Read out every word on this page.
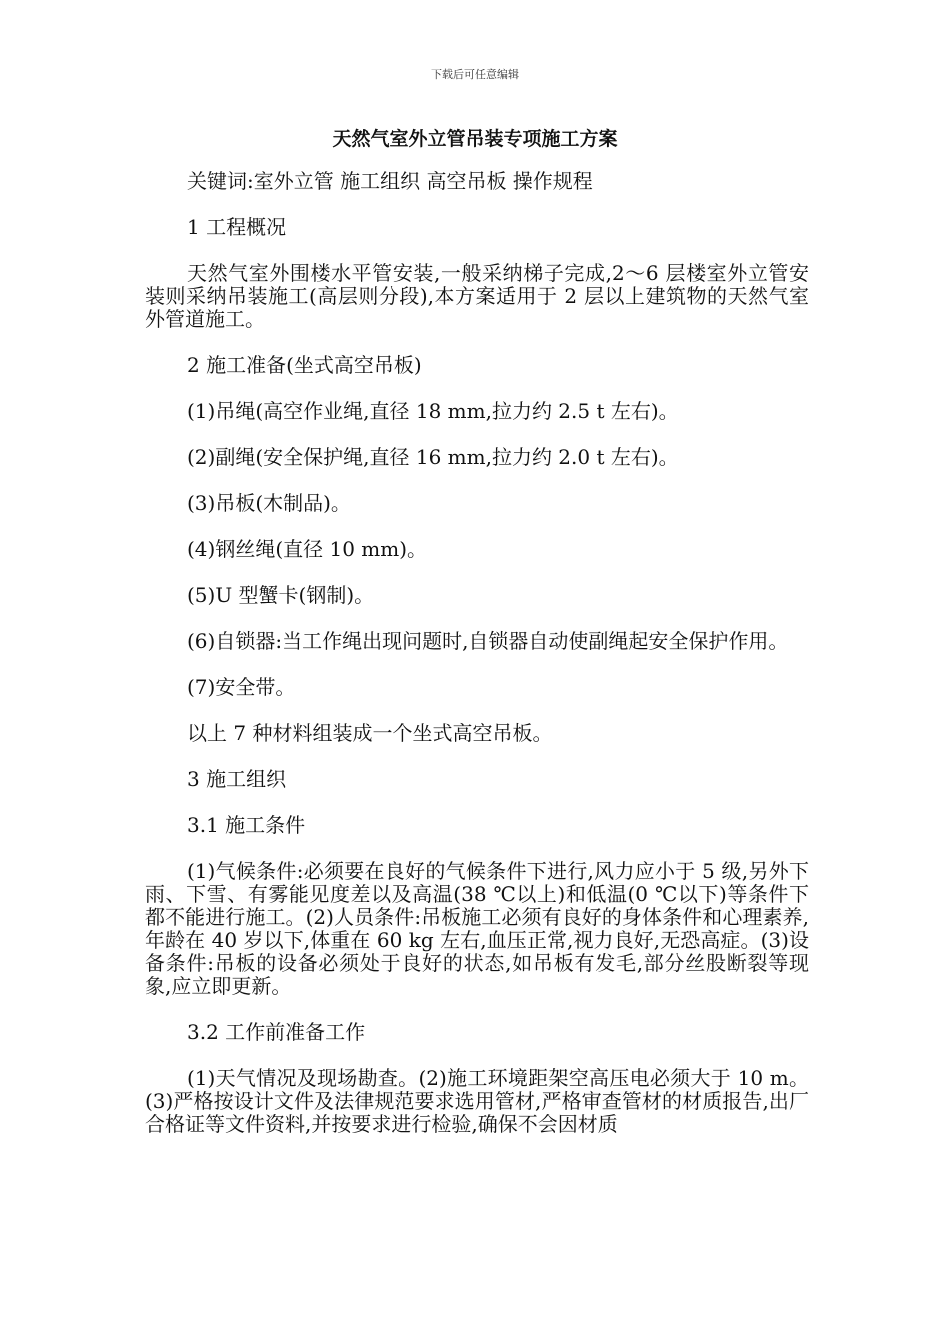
下载后可任意编辑
天然气室外立管吊装专项施工方案

关键词:室外立管 施工组织 高空吊板 操作规程

1 工程概况

天然气室外围楼水平管安装,一般采纳梯子完成,2～6 层楼室外立管安装则采纳吊装施工(高层则分段),本方案适用于 2 层以上建筑物的天然气室外管道施工。

2 施工准备(坐式高空吊板)

(1)吊绳(高空作业绳,直径 18 mm,拉力约 2.5 t 左右)。

(2)副绳(安全保护绳,直径 16 mm,拉力约 2.0 t 左右)。

(3)吊板(木制品)。

(4)钢丝绳(直径 10 mm)。

(5)U 型蟹卡(钢制)。

(6)自锁器:当工作绳出现问题时,自锁器自动使副绳起安全保护作用。

(7)安全带。

以上 7 种材料组装成一个坐式高空吊板。

3 施工组织

3.1 施工条件

(1)气候条件:必须要在良好的气候条件下进行,风力应小于 5 级,另外下雨、下雪、有雾能见度差以及高温(38 ℃以上)和低温(0 ℃以下)等条件下都不能进行施工。(2)人员条件:吊板施工必须有良好的身体条件和心理素养,年龄在 40 岁以下,体重在 60 kg 左右,血压正常,视力良好,无恐高症。(3)设备条件:吊板的设备必须处于良好的状态,如吊板有发毛,部分丝股断裂等现象,应立即更新。

3.2 工作前准备工作

(1)天气情况及现场勘查。(2)施工环境距架空高压电必须大于 10 m。(3)严格按设计文件及法律规范要求选用管材,严格审查管材的材质报告,出厂合格证等文件资料,并按要求进行检验,确保不会因材质
